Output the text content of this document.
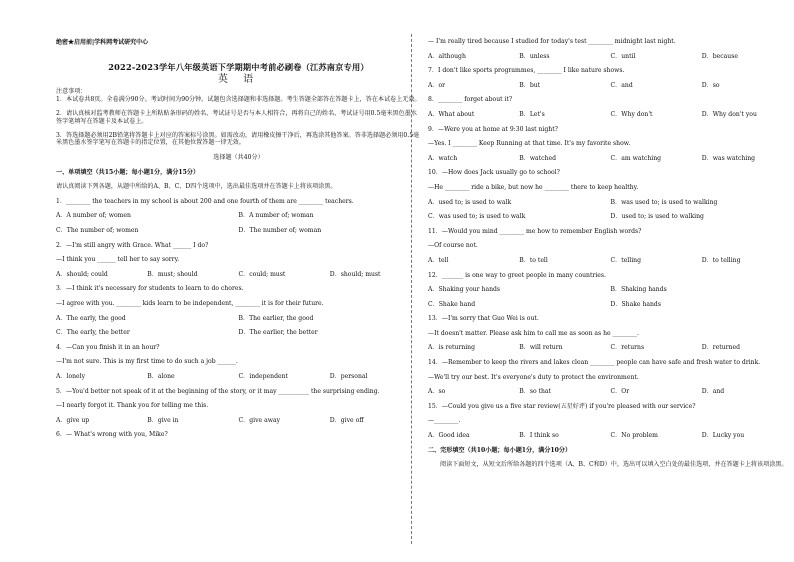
绝密★启用前|学科网考试研究中心
2022-2023学年八年级英语下学期期中考前必刷卷（江苏南京专用）
英 语
注意事项：
1．本试卷共8页。全卷满分90分。考试时间为90分钟。试题包含选择题和非选择题。考生答题全部答在答题卡上，答在本试卷上无效。
2．请认真核对监考教师在答题卡上所粘贴条形码的姓名、考试证号是否与本人相符合，再将自己的姓名、考试证号用0.5毫米黑色墨水签字笔填写在答题卡及本试卷上。
3．答选择题必须用2B铅笔将答题卡上对应的答案标号涂黑。如需改动，请用橡皮擦干净后，再选涂其他答案。答非选择题必须用0.5毫米黑色墨水签字笔写在答题卡的指定位置，在其他位置答题一律无效。
选择题（共40分）
一、单项填空（共15小题；每小题1分，满分15分）
请认真阅读下列各题，从题中所给的A、B、C、D四个选项中，选出最佳选项并在答题卡上将该项涂黑。
1．________ the teachers in my school is about 200 and one fourth of them are ________ teachers.
A．A number of; women	B．A number of; woman
C．The number of; women	D．The number of; woman
2．—I'm still angry with Grace. What ______ I do?
—I think you ______ tell her to say sorry.
A．should; could	B．must; should	C．could; must	D．should; must
3．—I think it's necessary for students to learn to do chores.
—I agree with you. ________ kids learn to be independent, ________ it is for their future.
A．The early, the good	B．The earlier, the good
C．The early, the better	D．The earlier, the better
4．—Can you finish it in an hour?
—I'm not sure. This is my first time to do such a job ______.
A．lonely	B．alone	C．independent	D．personal
5．—You'd better not speak of it at the beginning of the story, or it may __________ the surprising ending.
—I nearly forgot it. Thank you for telling me this.
A．give up	B．give in	C．give away	D．give off
6．— What's wrong with you, Mike?
— I'm really tired because I studied for today's test ________ midnight last night.
A．although	B．unless	C．until	D．because
7．I don't like sports programmes, ________ I like nature shows.
A．or	B．but	C．and	D．so
8．________ forget about it?
A．What about	B．Let's	C．Why don't	D．Why don't you
9．—Were you at home at 9:30 last night?
—Yes. I ________ Keep Running at that time. It's my favorite show.
A．watch	B．watched	C．am watching	D．was watching
10．—How does Jack usually go to school?
—He ________ ride a bike, but now he ________ there to keep healthy.
A．used to; is used to walk	B．was used to; is used to walking
C．was used to; is used to walk	D．used to; is used to walking
11．—Would you mind ________ me how to remember English words?
—Of course not.
A．tell	B．to tell	C．telling	D．to telling
12．_______ is one way to greet people in many countries.
A．Shaking your hands	B．Shaking hands
C．Shake hand	D．Shake hands
13．—I'm sorry that Guo Wei is out.
—It doesn't matter. Please ask him to call me as soon as he ________.
A．is returning	B．will return	C．returns	D．returned
14．—Remember to keep the rivers and lakes clean ________ people can have safe and fresh water to drink.
—We'll try our best. It's everyone's duty to protect the environment.
A．so	B．so that	C．Or	D．and
15．—Could you give us a five star review(五星好评) if you're pleased with our service?
—________.
A．Good idea	B．I think so	C．No problem	D．Lucky you
二、完形填空（共10小题；每小题1分，满分10分）
阅读下面短文，从短文后所给各题的四个选项（A、B、C和D）中，选出可以填入空白处的最佳选项，并在答题卡上将该项涂黑。
